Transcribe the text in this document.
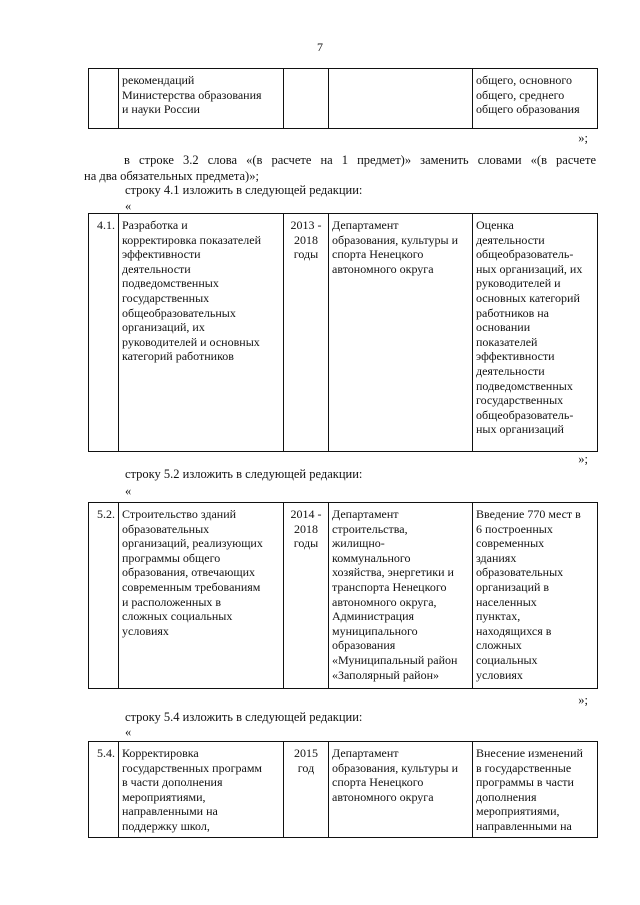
7
	рекомендаций
Министерства образования
и науки России			общего, основного
общего, среднего
общего образования
»;
в строке 3.2 слова «(в расчете на 1 предмет)» заменить словами «(в расчете
на два обязательных предмета)»;
строку 4.1 изложить в следующей редакции:
«
4.1.	Разработка и
корректировка показателей
эффективности
деятельности
подведомственных
государственных
общеобразовательных
организаций, их
руководителей и основных
категорий работников	2013 -
2018
годы	Департамент
образования, культуры и
спорта Ненецкого
автономного округа	Оценка
деятельности
общеобразователь-
ных организаций, их
руководителей и
основных категорий
работников на
основании
показателей
эффективности
деятельности
подведомственных
государственных
общеобразователь-
ных организаций
»;
строку 5.2 изложить в следующей редакции:
«
5.2.	Строительство зданий
образовательных
организаций, реализующих
программы общего
образования, отвечающих
современным требованиям
и расположенных в
сложных социальных
условиях	2014 -
2018
годы	Департамент
строительства,
жилищно-
коммунального
хозяйства, энергетики и
транспорта Ненецкого
автономного округа,
Администрация
муниципального
образования
«Муниципальный район
«Заполярный район»	Введение 770 мест в
6 построенных
современных
зданиях
образовательных
организаций в
населенных
пунктах,
находящихся в
сложных
социальных
условиях
»;
строку 5.4 изложить в следующей редакции:
«
5.4.	Корректировка
государственных программ
в части дополнения
мероприятиями,
направленными на
поддержку школ,	2015
год	Департамент
образования, культуры и
спорта Ненецкого
автономного округа	Внесение изменений
в государственные
программы в части
дополнения
мероприятиями,
направленными на
